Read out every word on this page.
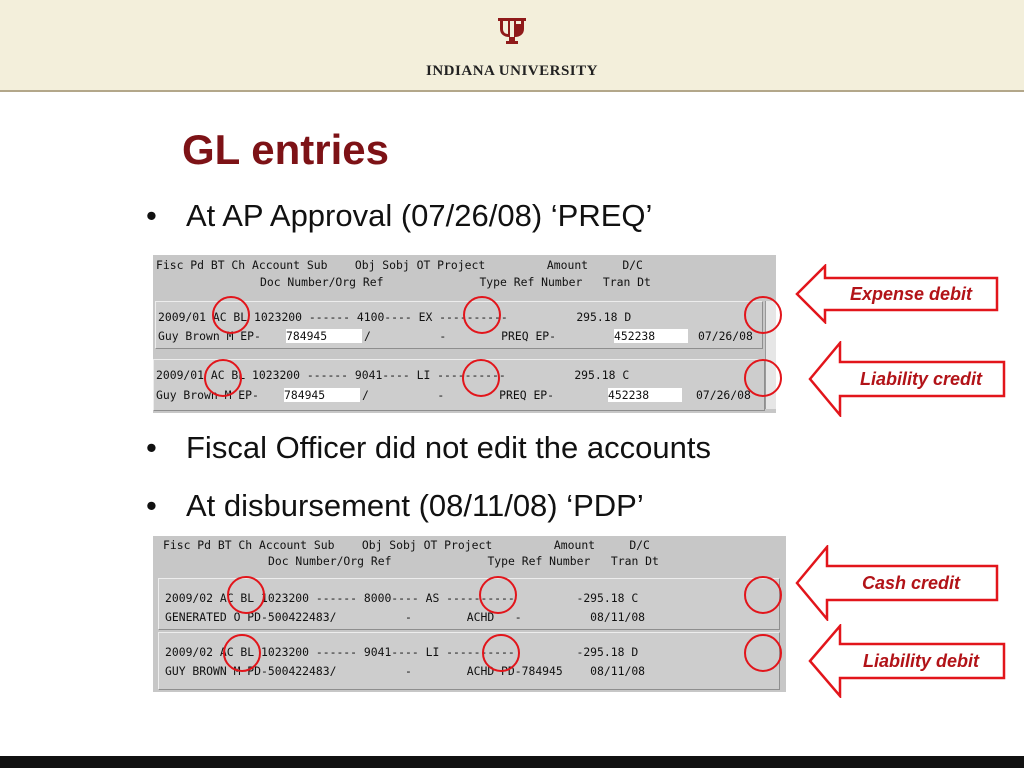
INDIANA UNIVERSITY
GL entries
• At AP Approval (07/26/08) ‘PREQ’
Fisc Pd BT Ch Account Sub    Obj Sobj OT Project         Amount     D/C
Doc Number/Org Ref              Type Ref Number   Tran Dt
2009/01 AC BL 1023200 ------ 4100---- EX ----------          295.18 D
Guy Brown M EP- 784945	/          -        PREQ EP-	452238	07/26/08
2009/01 AC BL 1023200 ------ 9041---- LI ----------          295.18 C
Guy Brown M EP- 784945	/          -        PREQ EP-	452238	07/26/08
Expense debit
Liability credit
• Fiscal Officer did not edit the accounts
• At disbursement (08/11/08) ‘PDP’
Fisc Pd BT Ch Account Sub    Obj Sobj OT Project         Amount     D/C
Doc Number/Org Ref              Type Ref Number   Tran Dt
2009/02 AC BL 1023200 ------ 8000---- AS ----------         -295.18 C
GENERATED O PD-500422483/          -        ACHD   -          08/11/08
2009/02 AC BL 1023200 ------ 9041---- LI ----------         -295.18 D
GUY BROWN M PD-500422483/          -        ACHD PD-784945    08/11/08
Cash credit
Liability debit
